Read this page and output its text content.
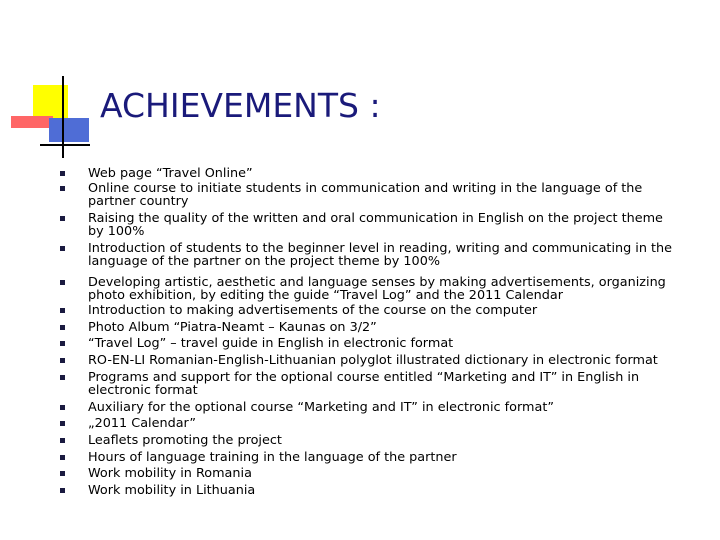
ACHIEVEMENTS :
Web page “Travel Online”
Online course to initiate students in communication and writing in the language of the partner country
Raising the quality of the written and oral communication in English on the project theme by 100%
Introduction of students to the beginner level in reading, writing and communicating in the language of the partner on the project theme by 100%
Developing artistic, aesthetic and language senses by making advertisements, organizing photo exhibition, by editing the guide “Travel Log” and the 2011 Calendar
Introduction to making advertisements of the course on the computer
Photo Album “Piatra-Neamt – Kaunas on 3/2”
“Travel Log” – travel guide in English in electronic format
RO-EN-LI Romanian-English-Lithuanian polyglot illustrated dictionary in electronic format
Programs and support for the optional course entitled “Marketing and IT” in English in electronic format
Auxiliary for the optional course “Marketing and IT” in electronic format”
„2011 Calendar”
Leaflets promoting the project
Hours of language training in the language of the partner
Work mobility in Romania
Work mobility in Lithuania
